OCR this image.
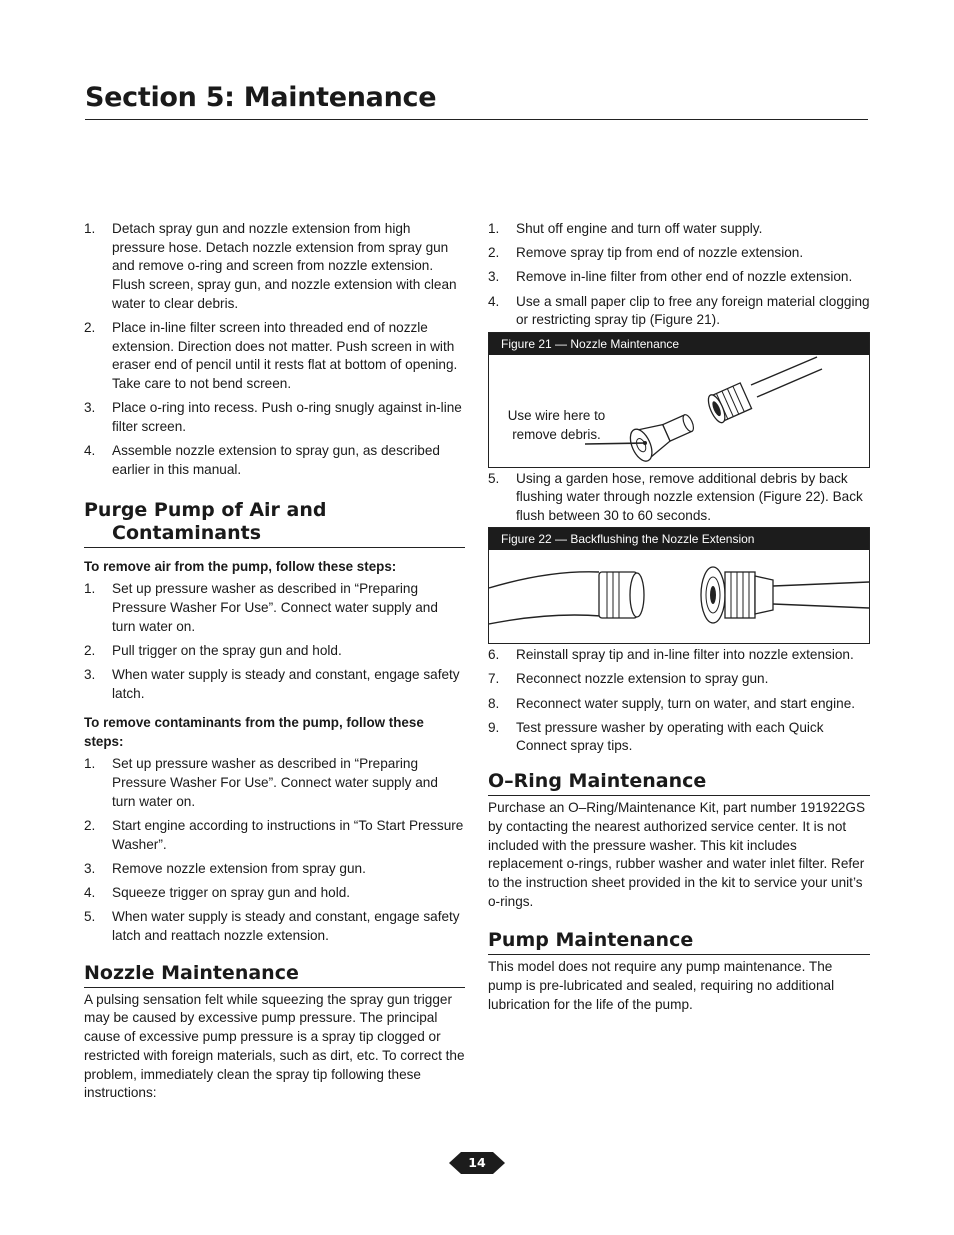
Section 5: Maintenance
1. Detach spray gun and nozzle extension from high pressure hose. Detach nozzle extension from spray gun and remove o-ring and screen from nozzle extension. Flush screen, spray gun, and nozzle extension with clean water to clear debris.
2. Place in-line filter screen into threaded end of nozzle extension. Direction does not matter. Push screen in with eraser end of pencil until it rests flat at bottom of opening. Take care to not bend screen.
3. Place o-ring into recess. Push o-ring snugly against in-line filter screen.
4. Assemble nozzle extension to spray gun, as described earlier in this manual.
Purge Pump of Air and Contaminants
To remove air from the pump, follow these steps:
1. Set up pressure washer as described in “Preparing Pressure Washer For Use”. Connect water supply and turn water on.
2. Pull trigger on the spray gun and hold.
3. When water supply is steady and constant, engage safety latch.
To remove contaminants from the pump, follow these steps:
1. Set up pressure washer as described in “Preparing Pressure Washer For Use”. Connect water supply and turn water on.
2. Start engine according to instructions in “To Start Pressure Washer”.
3. Remove nozzle extension from spray gun.
4. Squeeze trigger on spray gun and hold.
5. When water supply is steady and constant, engage safety latch and reattach nozzle extension.
Nozzle Maintenance

A pulsing sensation felt while squeezing the spray gun trigger may be caused by excessive pump pressure. The principal cause of excessive pump pressure is a spray tip clogged or restricted with foreign materials, such as dirt, etc. To correct the problem, immediately clean the spray tip following these instructions:

1. Shut off engine and turn off water supply.
2. Remove spray tip from end of nozzle extension.
3. Remove in-line filter from other end of nozzle extension.
4. Use a small paper clip to free any foreign material clogging or restricting spray tip (Figure 21).
Figure 21 — Nozzle Maintenance
Use wire here to remove debris.
5. Using a garden hose, remove additional debris by back flushing water through nozzle extension (Figure 22). Back flush between 30 to 60 seconds.
Figure 22 — Backflushing the Nozzle Extension
6. Reinstall spray tip and in-line filter into nozzle extension.
7. Reconnect nozzle extension to spray gun.
8. Reconnect water supply, turn on water, and start engine.
9. Test pressure washer by operating with each Quick Connect spray tips.
O–Ring Maintenance

Purchase an O–Ring/Maintenance Kit, part number 191922GS by contacting the nearest authorized service center. It is not included with the pressure washer. This kit includes replacement o-rings, rubber washer and water inlet filter. Refer to the instruction sheet provided in the kit to service your unit’s o-rings.

Pump Maintenance

This model does not require any pump maintenance. The pump is pre-lubricated and sealed, requiring no additional lubrication for the life of the pump.

14
